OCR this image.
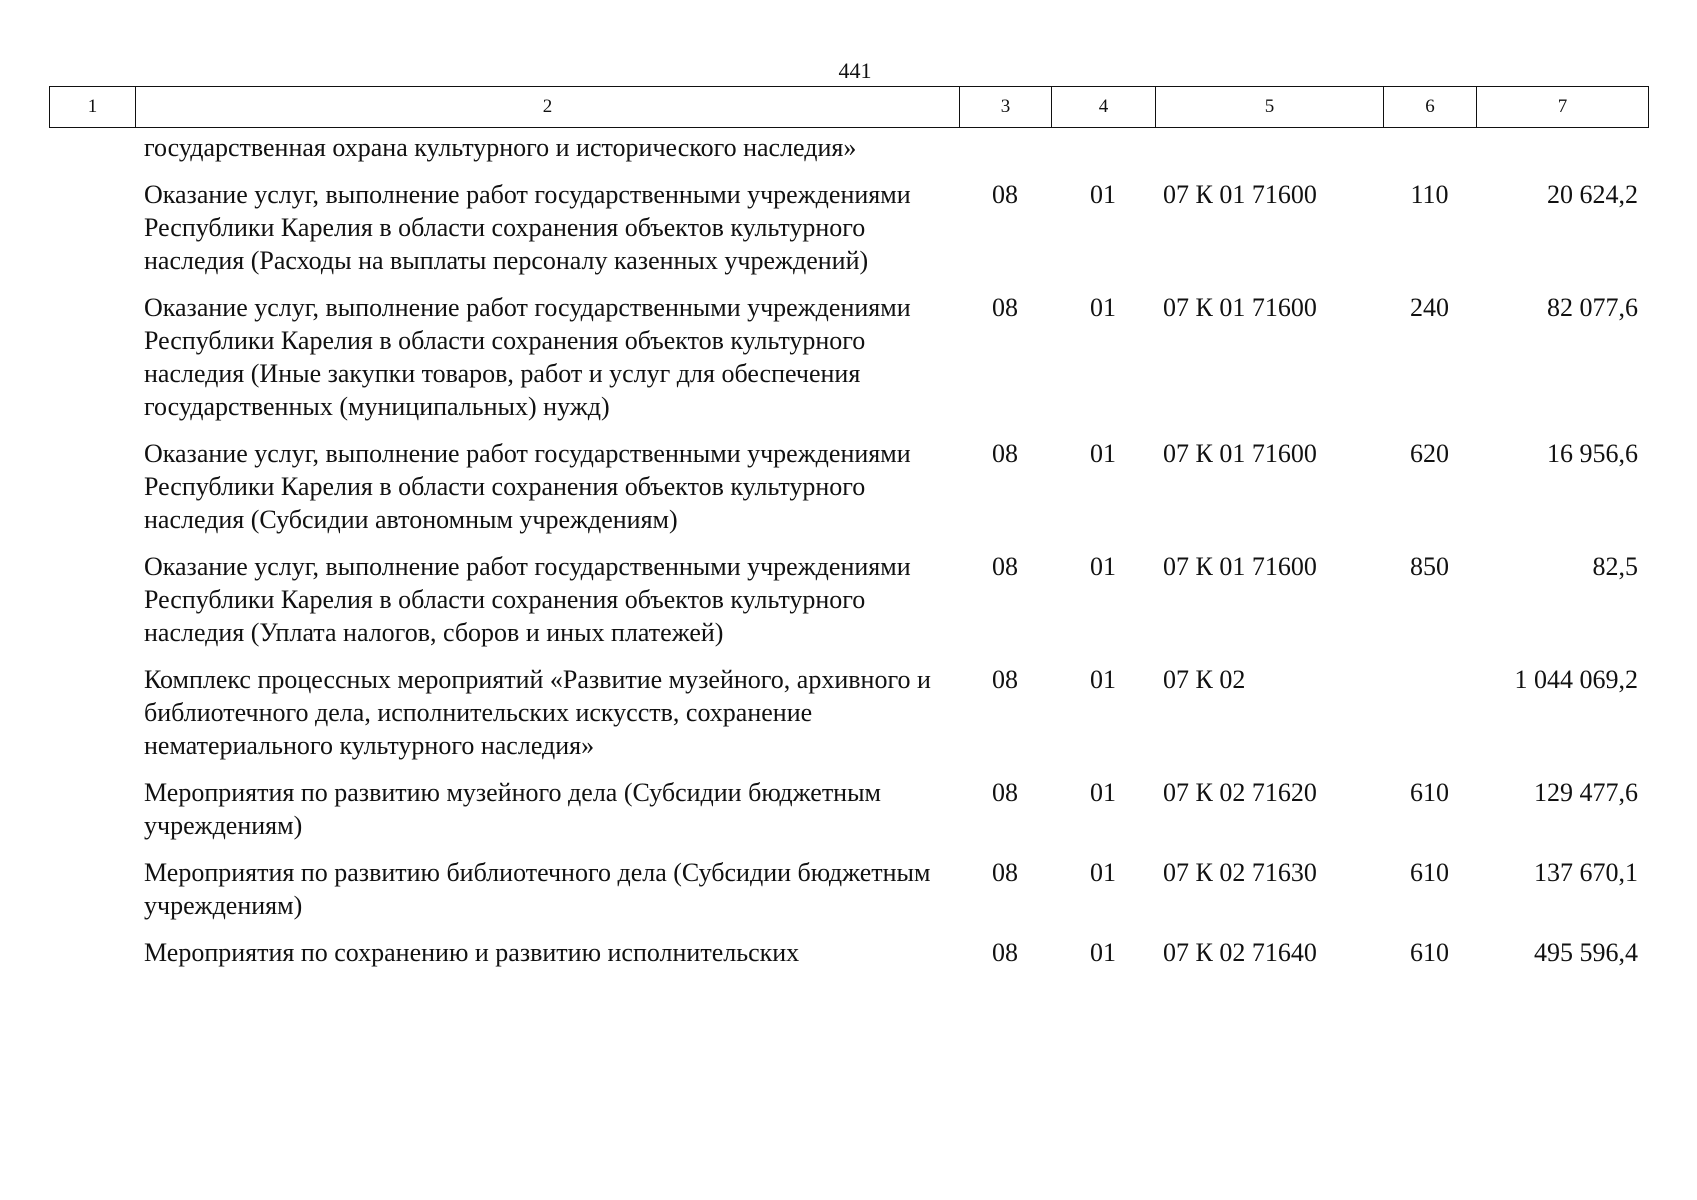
441
1	2	3	4	5	6	7
государственная охрана культурного и исторического наследия»					
Оказание услуг, выполнение работ государственными учреждениями Республики Карелия в области сохранения объектов культурного наследия (Расходы на выплаты персоналу казенных учреждений)	08	01	07 К 01 71600	110	20 624,2
Оказание услуг, выполнение работ государственными учреждениями Республики Карелия в области сохранения объектов культурного наследия (Иные закупки товаров, работ и услуг для обеспечения государственных (муниципальных) нужд)	08	01	07 К 01 71600	240	82 077,6
Оказание услуг, выполнение работ государственными учреждениями Республики Карелия в области сохранения объектов культурного наследия (Субсидии автономным учреждениям)	08	01	07 К 01 71600	620	16 956,6
Оказание услуг, выполнение работ государственными учреждениями Республики Карелия в области сохранения объектов культурного наследия (Уплата налогов, сборов и иных платежей)	08	01	07 К 01 71600	850	82,5
Комплекс процессных мероприятий «Развитие музейного, архивного и библиотечного дела, исполнительских искусств, сохранение нематериального культурного наследия»	08	01	07 К 02		1 044 069,2
Мероприятия по развитию музейного дела (Субсидии бюджетным учреждениям)	08	01	07 К 02 71620	610	129 477,6
Мероприятия по развитию библиотечного дела (Субсидии бюджетным учреждениям)	08	01	07 К 02 71630	610	137 670,1
Мероприятия по сохранению и развитию исполнительских	08	01	07 К 02 71640	610	495 596,4
